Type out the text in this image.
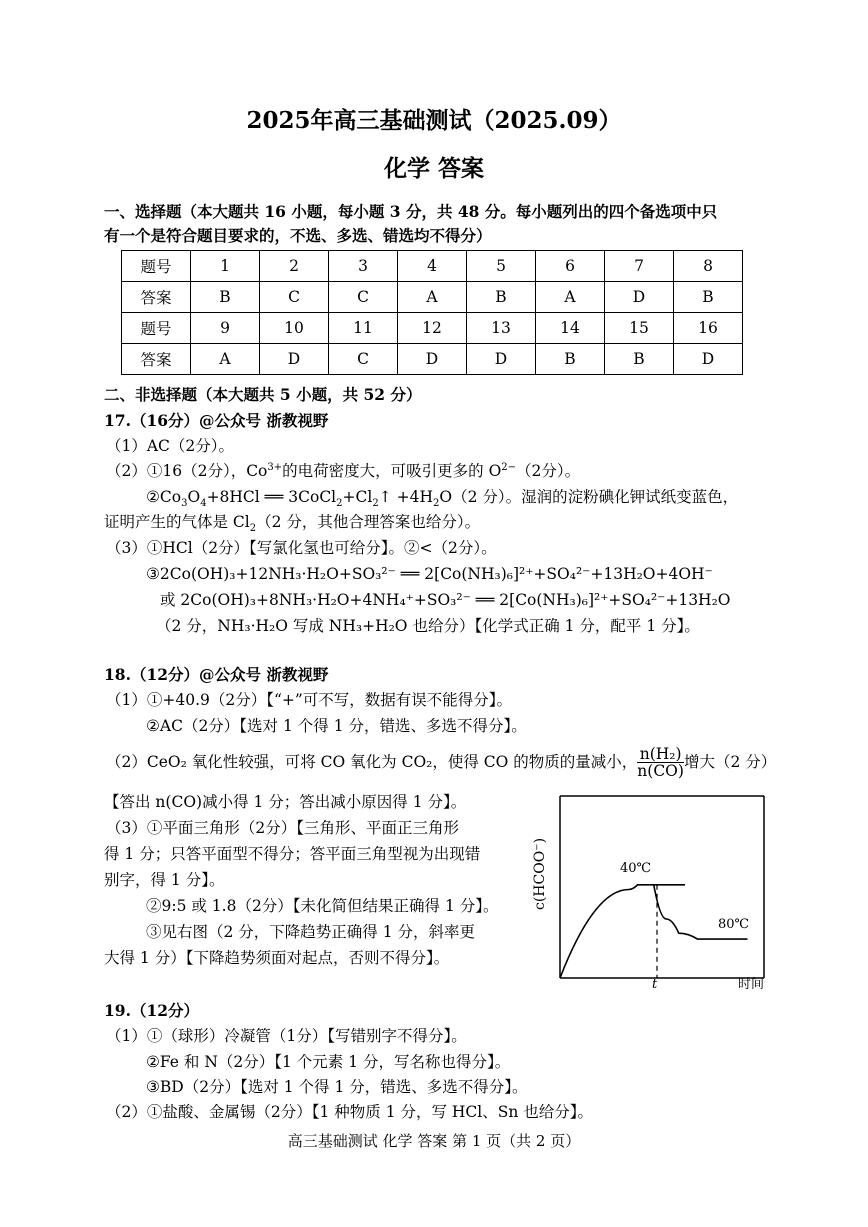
2025年高三基础测试（2025.09）
化学 答案
一、选择题（本大题共 16 小题，每小题 3 分，共 48 分。每小题列出的四个备选项中只
有一个是符合题目要求的，不选、多选、错选均不得分）
题号	1	2	3	4	5	6	7	8
答案	B	C	C	A	B	A	D	B
题号	9	10	11	12	13	14	15	16
答案	A	D	C	D	D	B	B	D
二、非选择题（本大题共 5 小题，共 52 分）
17.（16分）@公众号 浙教视野
（1）AC（2分）。
（2）①16（2分），$Co^{3+}$的电荷密度大，可吸引更多的 $O^{2-}(2$分）。
$②Co_3O_4+8HCl$ ══ $3CoCl_2+Cl_2↑ +4H_2O(2$ 分）。湿润的淀粉碘化钾试纸变蓝色，
证明产生的气体是 $Cl_2(2$ 分，其他合理答案也给分）。
（3）①HCl（2分）【写氯化氢也可给分】。②<（2分）。
③2Co(OH)₃+12NH₃·H₂O+SO₃²⁻ ══ 2[Co(NH₃)₆]²⁺+SO₄²⁻+13H₂O+4OH⁻
或 2Co(OH)₃+8NH₃·H₂O+4NH₄⁺+SO₃²⁻ ══ 2[Co(NH₃)₆]²⁺+SO₄²⁻+13H₂O
（2 分，NH₃·H₂O 写成 NH₃+H₂O 也给分）【化学式正确 1 分，配平 1 分】。
18.（12分）@公众号 浙教视野
（1）①+40.9（2分）【“+”可不写，数据有误不能得分】。
②AC（2分）【选对 1 个得 1 分，错选、多选不得分】。
（2）CeO₂ 氧化性较强，可将 CO 氧化为 CO₂，使得 CO 的物质的量减小， $\frac{\text{n(H₂)}}{n(CO)}$ 增大（2 分）
【答出 n(CO)减小得 1 分；答出减小原因得 1 分】。
（3）①平面三角形（2分）【三角形、平面正三角形
得 1 分；只答平面型不得分；答平面三角型视为出现错
别字，得 1 分】。
②9:5 或 1.8（2分）【未化简但结果正确得 1 分】。
③见右图（2 分，下降趋势正确得 1 分，斜率更
大得 1 分）【下降趋势须面对起点，否则不得分】。
c(HCOO⁻)
时间
t
40℃
80℃
19.（12分）
（1）①（球形）冷凝管（1分）【写错别字不得分】。
②Fe 和 N（2分）【1 个元素 1 分，写名称也得分】。
③BD（2分）【选对 1 个得 1 分，错选、多选不得分】。
（2）①盐酸、金属锡（2分）【1 种物质 1 分，写 HCl、Sn 也给分】。
高三基础测试 化学 答案 第 1 页（共 2 页）
